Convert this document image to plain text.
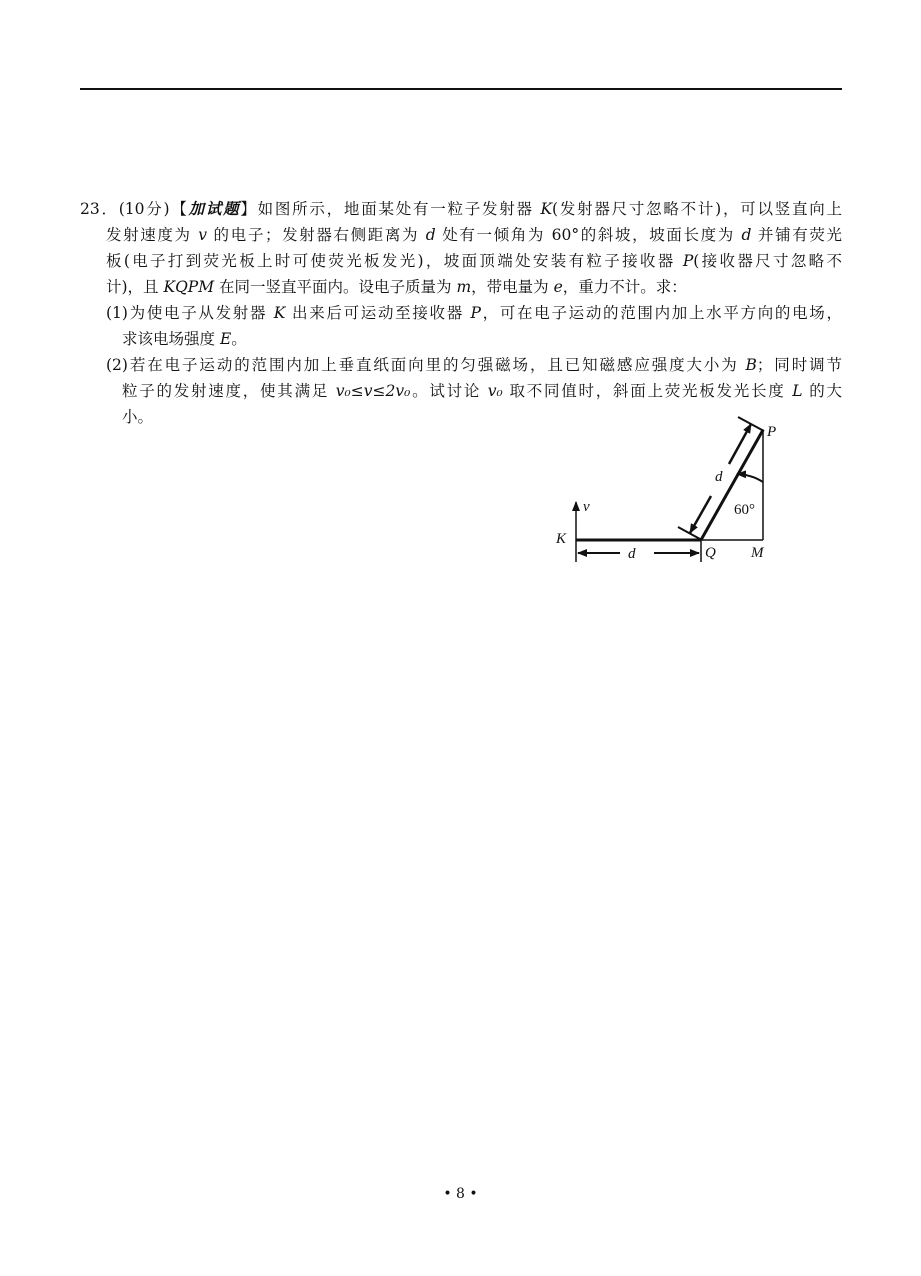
23．(10分)【加试题】如图所示，地面某处有一粒子发射器 K(发射器尺寸忽略不计)，可以竖直向上
发射速度为 v 的电子；发射器右侧距离为 d 处有一倾角为 60°的斜坡，坡面长度为 d 并铺有荧光
板(电子打到荧光板上时可使荧光板发光)，坡面顶端处安装有粒子接收器 P(接收器尺寸忽略不
计)，且 KQPM 在同一竖直平面内。设电子质量为 m，带电量为 e，重力不计。求：
(1)为使电子从发射器 K 出来后可运动至接收器 P，可在电子运动的范围内加上水平方向的电场，
求该电场强度 E。
(2)若在电子运动的范围内加上垂直纸面向里的匀强磁场，且已知磁感应强度大小为 B；同时调节
粒子的发射速度，使其满足 v₀≤v≤2v₀。试讨论 v₀ 取不同值时，斜面上荧光板发光长度 L 的大
小。
K
v
d	Q M
P
d
60°
• 8 •
